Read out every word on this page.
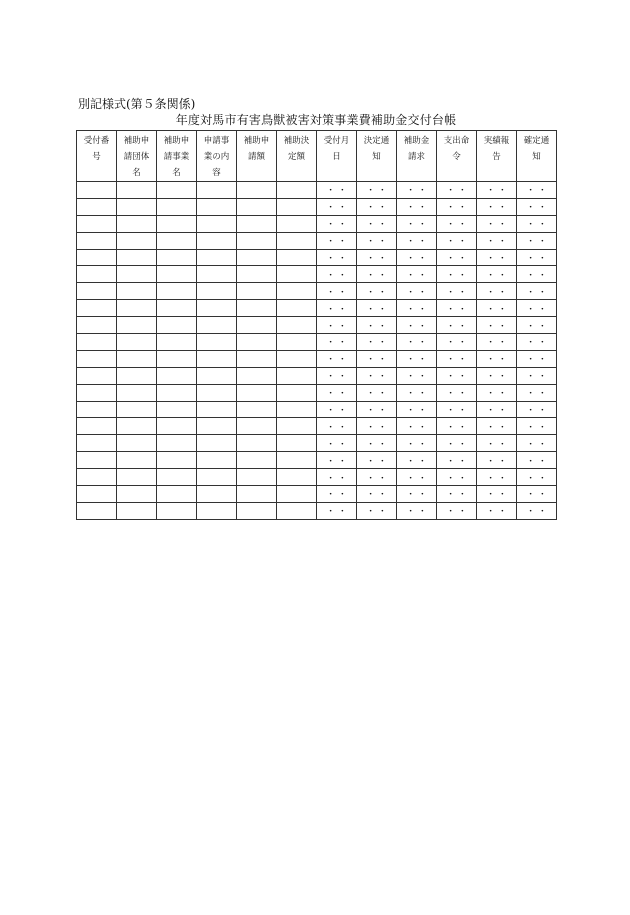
別記様式(第５条関係)
年度対馬市有害鳥獣被害対策事業費補助金交付台帳
受付番号	補助申請団体名	補助申請事業名	申請事業の内容	補助申請額	補助決定額	受付月日	決定通知	補助金請求	支出命令	実績報告	確定通知

						・ ・	・ ・	・ ・	・ ・	・ ・	・ ・
						・ ・	・ ・	・ ・	・ ・	・ ・	・ ・
						・ ・	・ ・	・ ・	・ ・	・ ・	・ ・
						・ ・	・ ・	・ ・	・ ・	・ ・	・ ・
						・ ・	・ ・	・ ・	・ ・	・ ・	・ ・
						・ ・	・ ・	・ ・	・ ・	・ ・	・ ・
						・ ・	・ ・	・ ・	・ ・	・ ・	・ ・
						・ ・	・ ・	・ ・	・ ・	・ ・	・ ・
						・ ・	・ ・	・ ・	・ ・	・ ・	・ ・
						・ ・	・ ・	・ ・	・ ・	・ ・	・ ・
						・ ・	・ ・	・ ・	・ ・	・ ・	・ ・
						・ ・	・ ・	・ ・	・ ・	・ ・	・ ・
						・ ・	・ ・	・ ・	・ ・	・ ・	・ ・
						・ ・	・ ・	・ ・	・ ・	・ ・	・ ・
						・ ・	・ ・	・ ・	・ ・	・ ・	・ ・
						・ ・	・ ・	・ ・	・ ・	・ ・	・ ・
						・ ・	・ ・	・ ・	・ ・	・ ・	・ ・
						・ ・	・ ・	・ ・	・ ・	・ ・	・ ・
						・ ・	・ ・	・ ・	・ ・	・ ・	・ ・
						・ ・	・ ・	・ ・	・ ・	・ ・	・ ・
